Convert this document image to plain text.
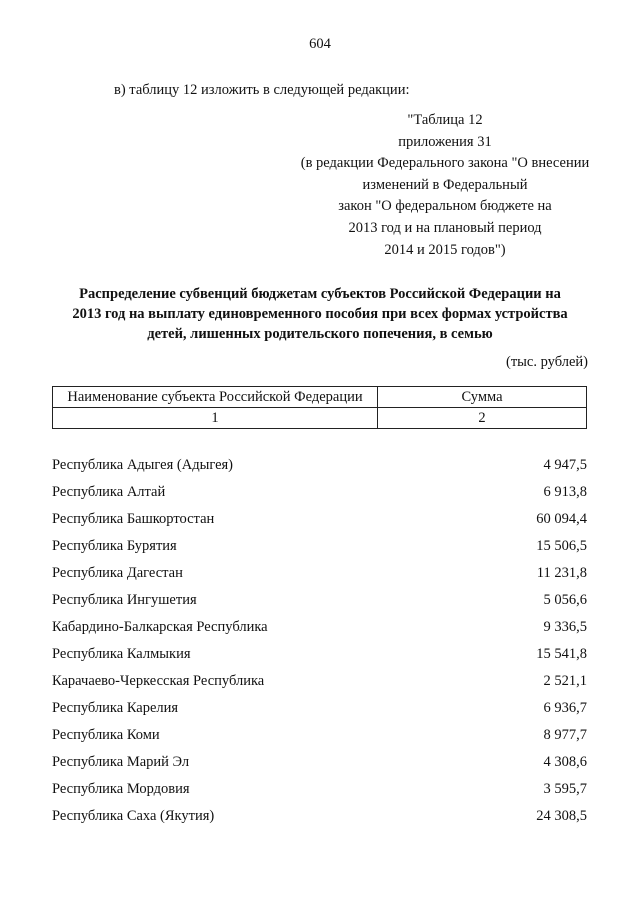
604
в) таблицу 12 изложить в следующей редакции:
"Таблица 12
приложения 31
(в редакции Федерального закона "О внесении
изменений в Федеральный
закон "О федеральном бюджете на
2013 год и на плановый период
2014 и 2015 годов")
Распределение субвенций бюджетам субъектов Российской Федерации на
2013 год на выплату единовременного пособия при всех формах устройства
детей, лишенных родительского попечения, в семью
(тыс. рублей)
Наименование субъекта Российской Федерации	Сумма
1	2
Республика Адыгея (Адыгея)	4 947,5
Республика Алтай	6 913,8
Республика Башкортостан	60 094,4
Республика Бурятия	15 506,5
Республика Дагестан	11 231,8
Республика Ингушетия	5 056,6
Кабардино-Балкарская Республика	9 336,5
Республика Калмыкия	15 541,8
Карачаево-Черкесская Республика	2 521,1
Республика Карелия	6 936,7
Республика Коми	8 977,7
Республика Марий Эл	4 308,6
Республика Мордовия	3 595,7
Республика Саха (Якутия)	24 308,5
